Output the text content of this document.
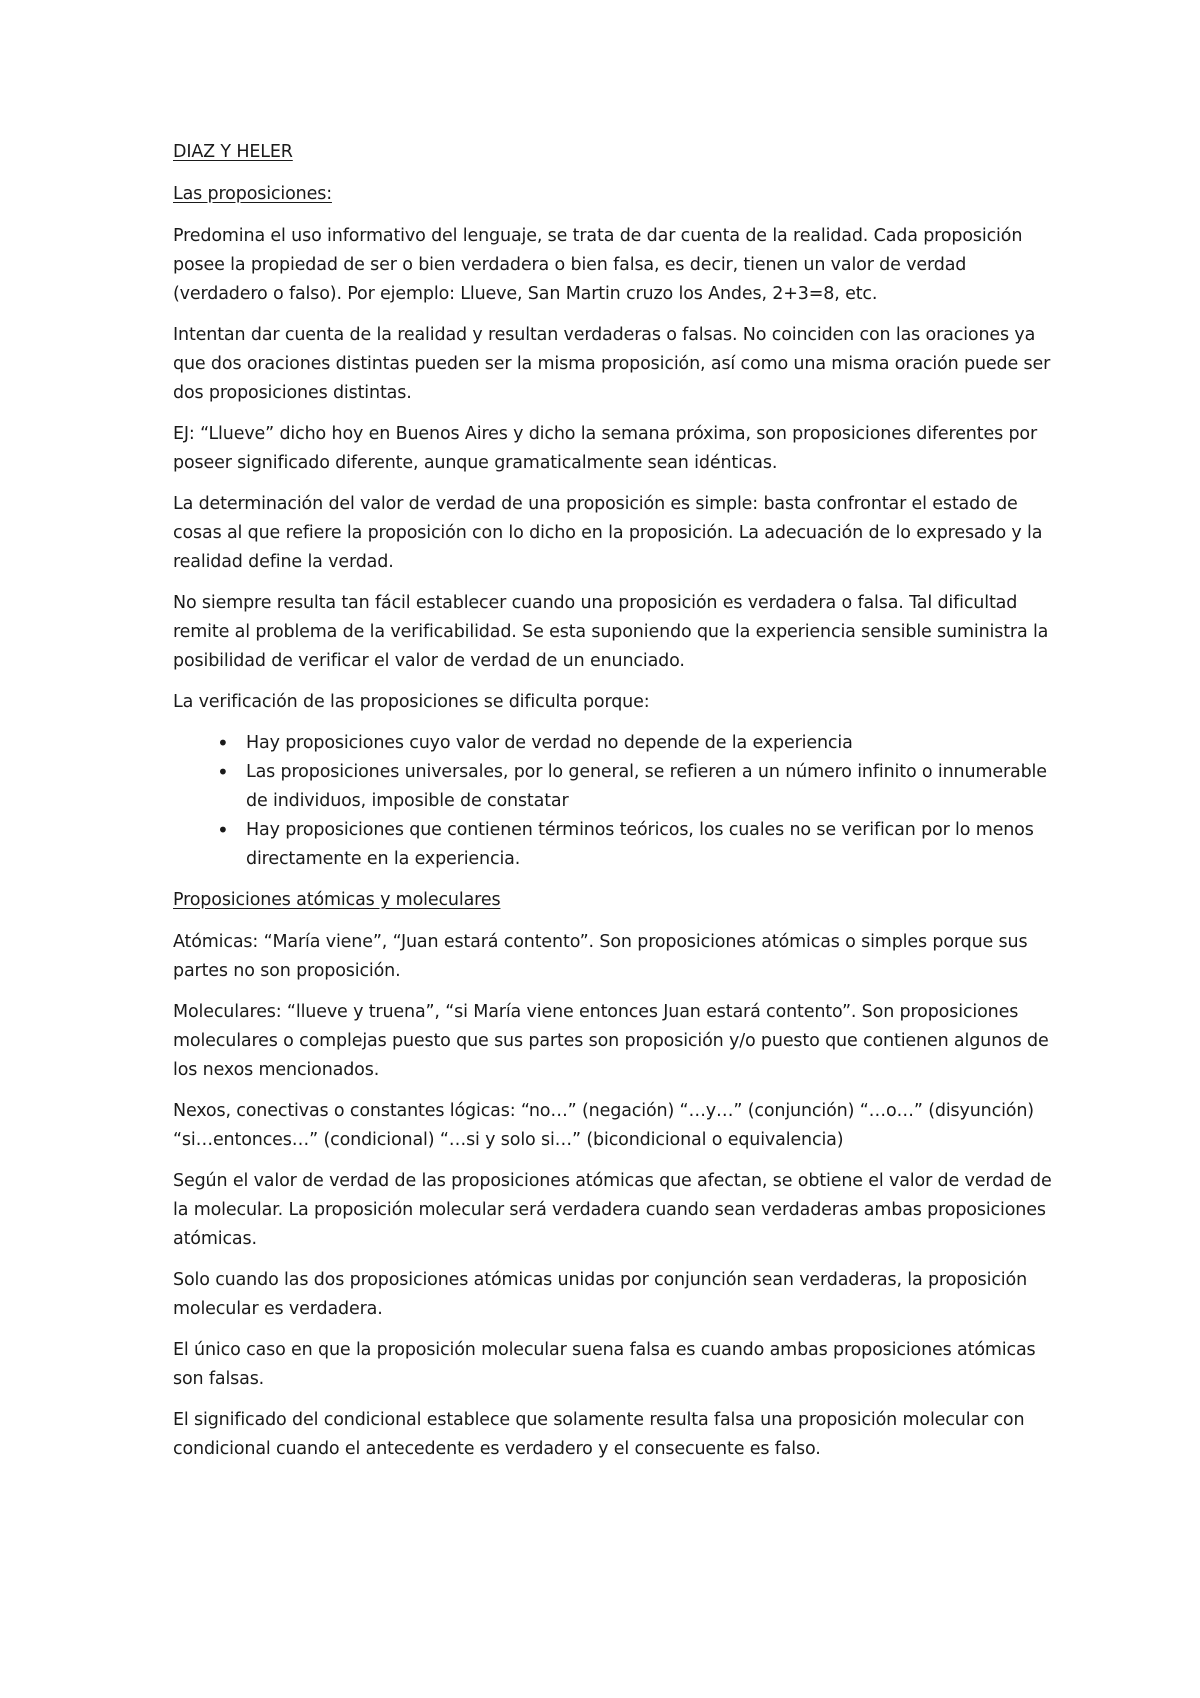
DIAZ Y HELER

Las proposiciones:

Predomina el uso informativo del lenguaje, se trata de dar cuenta de la realidad. Cada proposición posee la propiedad de ser o bien verdadera o bien falsa, es decir, tienen un valor de verdad (verdadero o falso). Por ejemplo: Llueve, San Martin cruzo los Andes, 2+3=8, etc.

Intentan dar cuenta de la realidad y resultan verdaderas o falsas. No coinciden con las oraciones ya que dos oraciones distintas pueden ser la misma proposición, así como una misma oración puede ser dos proposiciones distintas.

EJ: “Llueve” dicho hoy en Buenos Aires y dicho la semana próxima, son proposiciones diferentes por poseer significado diferente, aunque gramaticalmente sean idénticas.

La determinación del valor de verdad de una proposición es simple: basta confrontar el estado de cosas al que refiere la proposición con lo dicho en la proposición. La adecuación de lo expresado y la realidad define la verdad.

No siempre resulta tan fácil establecer cuando una proposición es verdadera o falsa. Tal dificultad remite al problema de la verificabilidad. Se esta suponiendo que la experiencia sensible suministra la posibilidad de verificar el valor de verdad de un enunciado.

La verificación de las proposiciones se dificulta porque:

• Hay proposiciones cuyo valor de verdad no depende de la experiencia
• Las proposiciones universales, por lo general, se refieren a un número infinito o innumerable de individuos, imposible de constatar
• Hay proposiciones que contienen términos teóricos, los cuales no se verifican por lo menos directamente en la experiencia.

Proposiciones atómicas y moleculares

Atómicas: “María viene”, “Juan estará contento”. Son proposiciones atómicas o simples porque sus partes no son proposición.

Moleculares: “llueve y truena”, “si María viene entonces Juan estará contento”. Son proposiciones moleculares o complejas puesto que sus partes son proposición y/o puesto que contienen algunos de los nexos mencionados.

Nexos, conectivas o constantes lógicas: “no…” (negación) “…y…” (conjunción) “…o…” (disyunción) “si…entonces…” (condicional) “…si y solo si…” (bicondicional o equivalencia)

Según el valor de verdad de las proposiciones atómicas que afectan, se obtiene el valor de verdad de la molecular. La proposición molecular será verdadera cuando sean verdaderas ambas proposiciones atómicas.

Solo cuando las dos proposiciones atómicas unidas por conjunción sean verdaderas, la proposición molecular es verdadera.

El único caso en que la proposición molecular suena falsa es cuando ambas proposiciones atómicas son falsas.

El significado del condicional establece que solamente resulta falsa una proposición molecular con condicional cuando el antecedente es verdadero y el consecuente es falso.
